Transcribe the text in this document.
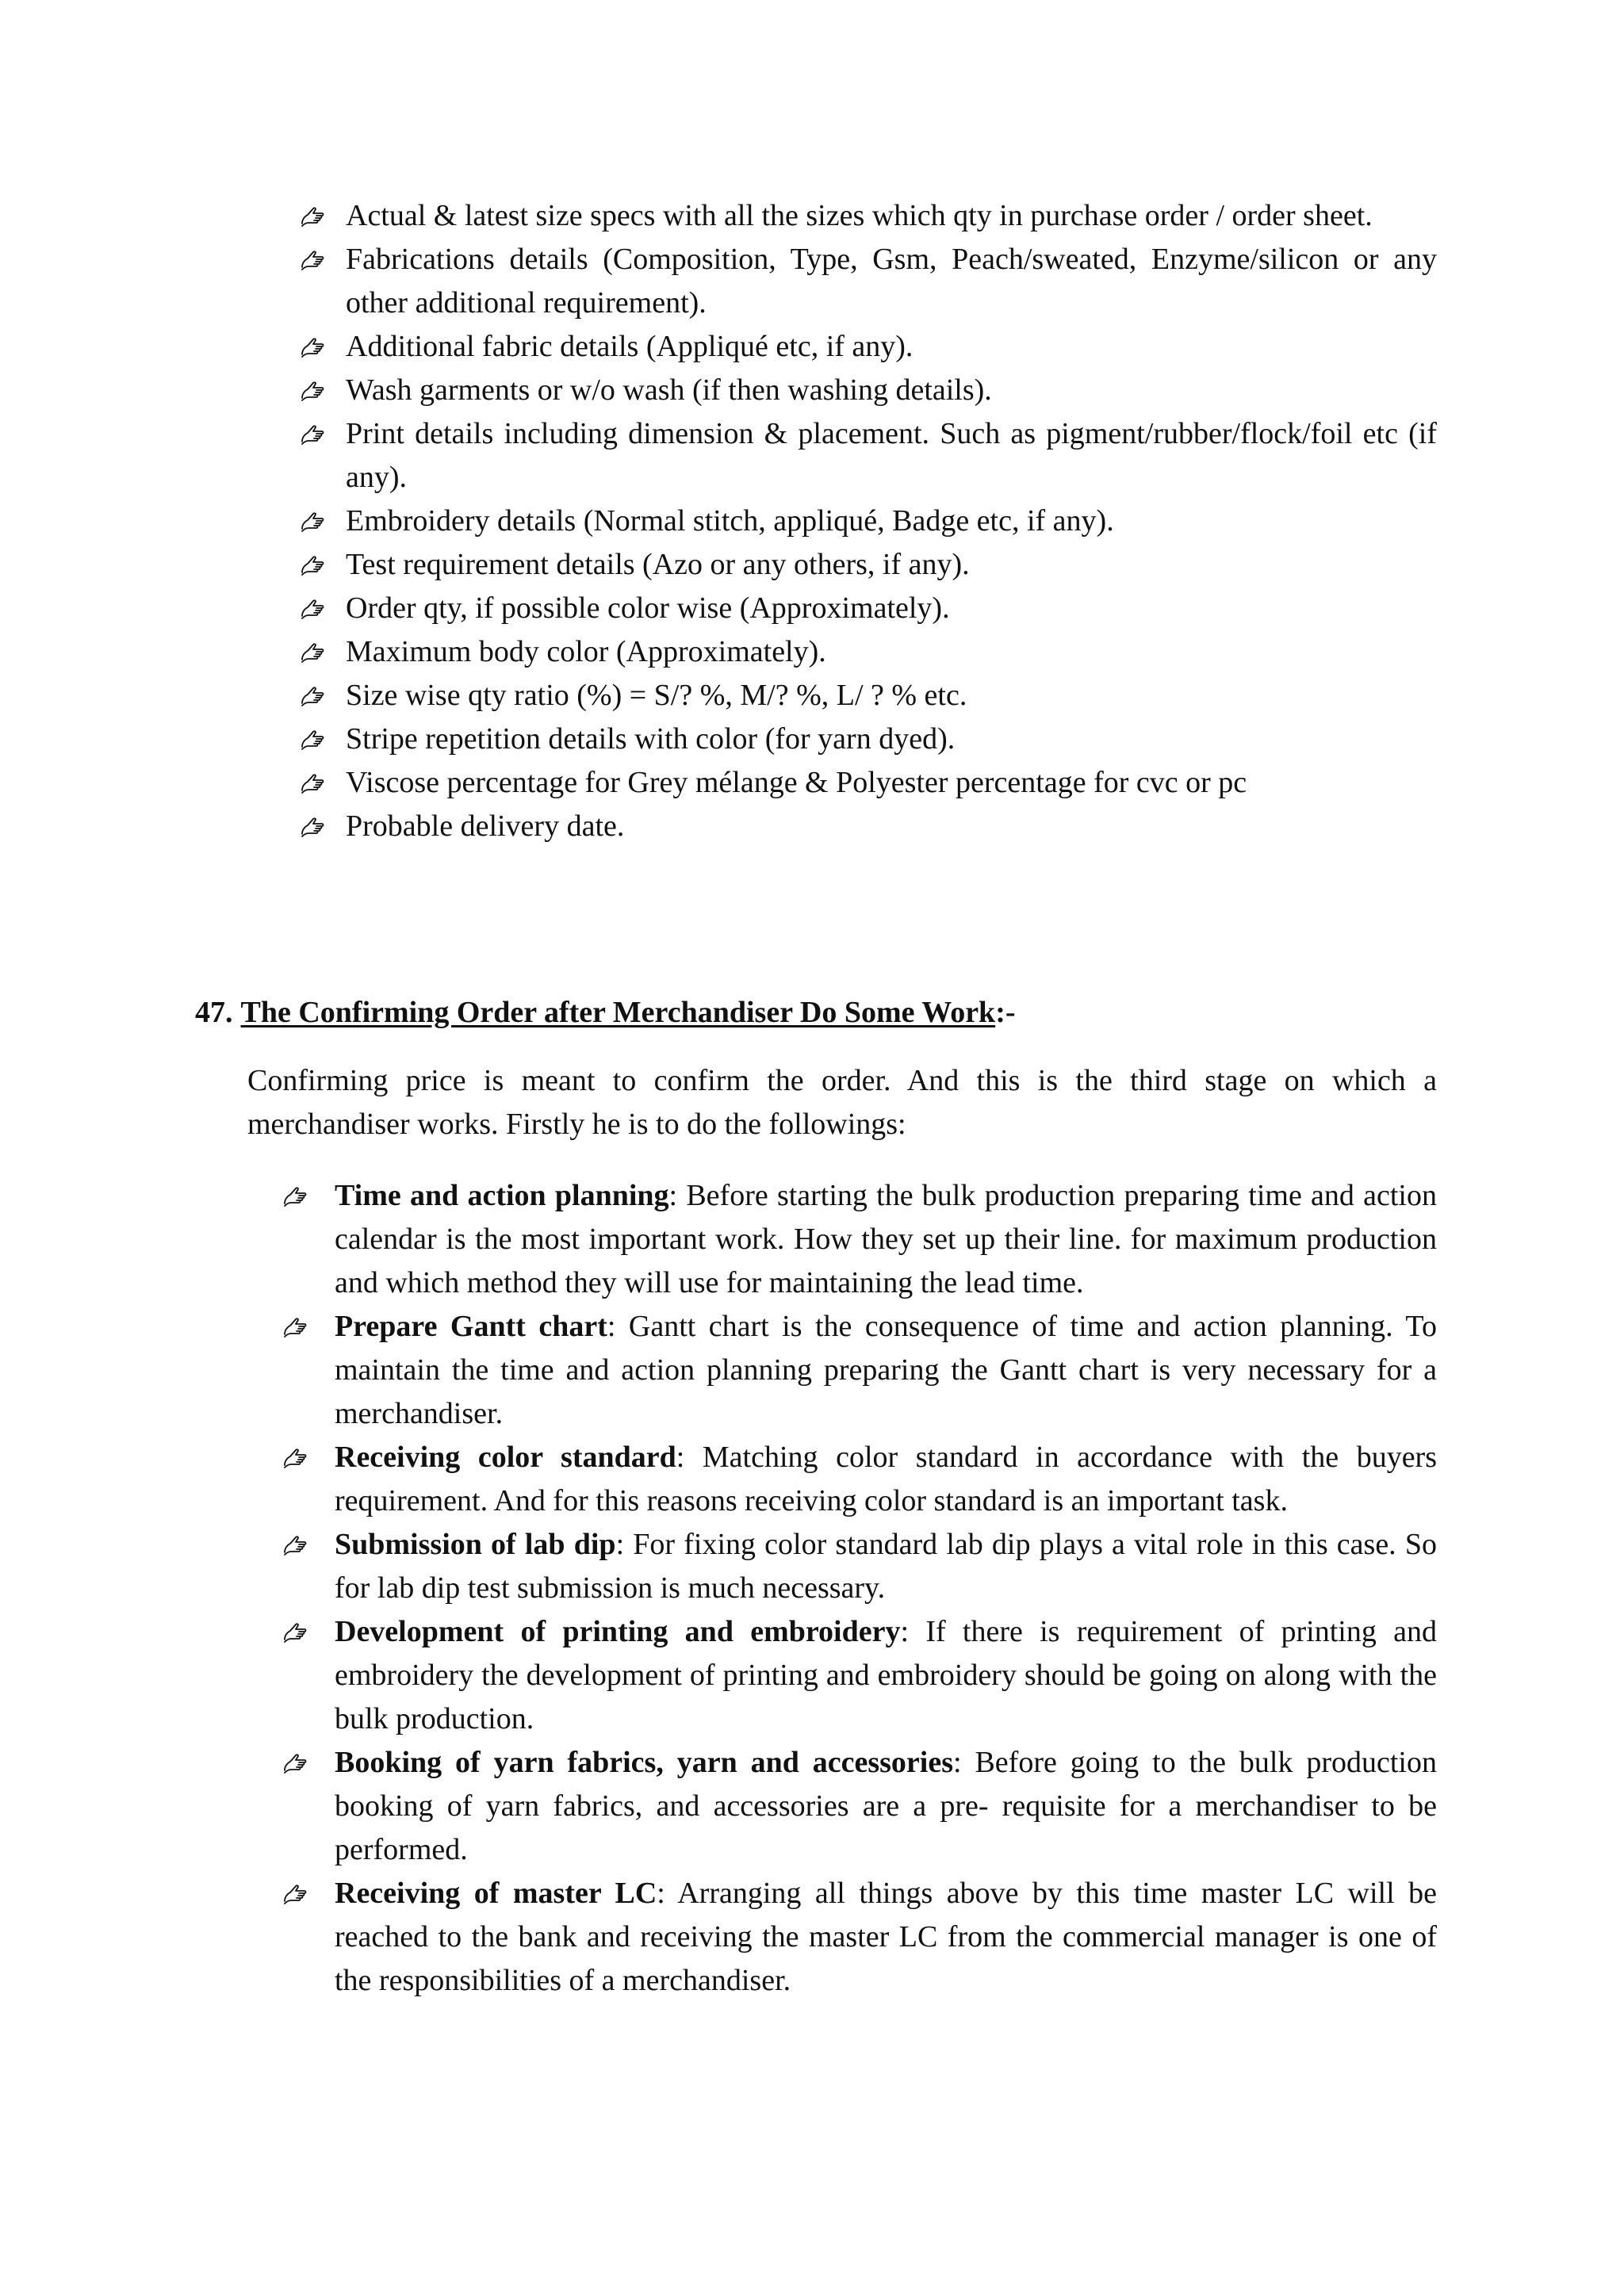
Actual & latest size specs with all the sizes which qty in purchase order / order sheet.
Fabrications details (Composition, Type, Gsm, Peach/sweated, Enzyme/silicon or any other additional requirement).
Additional fabric details (Appliqué etc, if any).
Wash garments or w/o wash (if then washing details).
Print details including dimension & placement. Such as pigment/rubber/flock/foil etc (if any).
Embroidery details (Normal stitch, appliqué, Badge etc, if any).
Test requirement details (Azo or any others, if any).
Order qty, if possible color wise (Approximately).
Maximum body color (Approximately).
Size wise qty ratio (%) = S/? %, M/? %, L/ ? % etc.
Stripe repetition details with color (for yarn dyed).
Viscose percentage for Grey mélange & Polyester percentage for cvc or pc
Probable delivery date.
47. The Confirming Order after Merchandiser Do Some Work:-

Confirming price is meant to confirm the order. And this is the third stage on which a merchandiser works. Firstly he is to do the followings:

Time and action planning: Before starting the bulk production preparing time and action calendar is the most important work. How they set up their line. for maximum production and which method they will use for maintaining the lead time.
Prepare Gantt chart: Gantt chart is the consequence of time and action planning. To maintain the time and action planning preparing the Gantt chart is very necessary for a merchandiser.
Receiving color standard: Matching color standard in accordance with the buyers requirement. And for this reasons receiving color standard is an important task.
Submission of lab dip: For fixing color standard lab dip plays a vital role in this case. So for lab dip test submission is much necessary.
Development of printing and embroidery: If there is requirement of printing and embroidery the development of printing and embroidery should be going on along with the bulk production.
Booking of yarn fabrics, yarn and accessories: Before going to the bulk production booking of yarn fabrics, and accessories are a pre- requisite for a merchandiser to be performed.
Receiving of master LC: Arranging all things above by this time master LC will be reached to the bank and receiving the master LC from the commercial manager is one of the responsibilities of a merchandiser.
